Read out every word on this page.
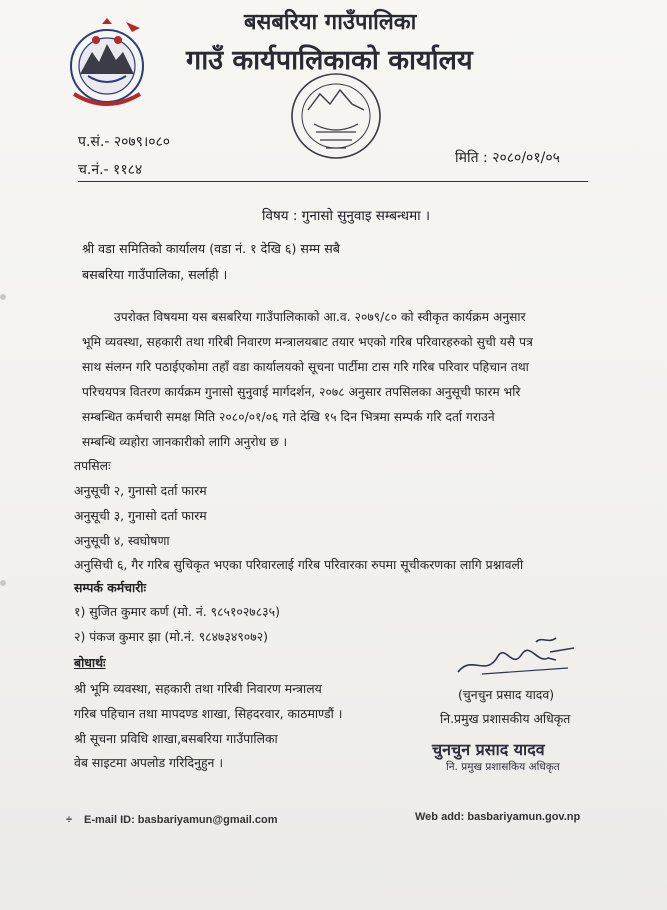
बसबरिया गाउँपालिका
गाउँ कार्यपालिकाको कार्यालय
प.सं.- २०७९।०८०
च.नं.- ११८४
मिति : २०८०/०१/०५
विषय : गुनासो सुनुवाइ सम्बन्धमा ।
श्री वडा समितिको कार्यालय (वडा नं. १ देखि ६) सम्म सबै
बसबरिया गाउँपालिका, सर्लाही ।
उपरोक्त विषयमा यस बसबरिया गाउँपालिकाको आ.व. २०७९/८० को स्वीकृत कार्यक्रम अनुसार
भूमि व्यवस्था, सहकारी तथा गरिबी निवारण मन्त्रालयबाट तयार भएको गरिब परिवारहरुको सुची यसै पत्र
साथ संलग्न गरि पठाईएकोमा तहाँ वडा कार्यालयको सूचना पार्टीमा टास गरि गरिब परिवार पहिचान तथा
परिचयपत्र वितरण कार्यक्रम गुनासो सुनुवाई मार्गदर्शन, २०७८ अनुसार तपसिलका अनुसूची फारम भरि
सम्बन्धित कर्मचारी समक्ष मिति २०८०/०१/०६ गते देखि १५ दिन भित्रमा सम्पर्क गरि दर्ता गराउने
सम्बन्धि व्यहोरा जानकारीको लागि अनुरोध छ ।
तपसिलः
अनुसूची २, गुनासो दर्ता फारम
अनुसूची ३, गुनासो दर्ता फारम
अनुसूची ४, स्वघोषणा
अनुसिची ६, गैर गरिब सुचिकृत भएका परिवारलाई गरिब परिवारका रुपमा सूचीकरणका लागि प्रश्नावली
सम्पर्क कर्मचारीः
१) सुजित कुमार कर्ण (मो. नं. ९८५१०२७८३५)
२) पंकज कुमार झा (मो.नं. ९८४७३४९०७२)
बोधार्थः
श्री भूमि व्यवस्था, सहकारी तथा गरिबी निवारण मन्त्रालय
गरिब पहिचान तथा मापदण्ड शाखा, सिहदरवार, काठमाण्डौं ।
श्री सूचना प्रविधि शाखा,बसबरिया गाउँपालिका
वेब साइटमा अपलोड गरिदिनुहुन ।
(चुनचुन प्रसाद यादव)
नि.प्रमुख प्रशासकीय अधिकृत
चुनचुन प्रसाद यादव
नि. प्रमुख प्रशासकिय अधिकृत
÷ E-mail ID: basbariyamun@gmail.com	Web add: basbariyamun.gov.np
